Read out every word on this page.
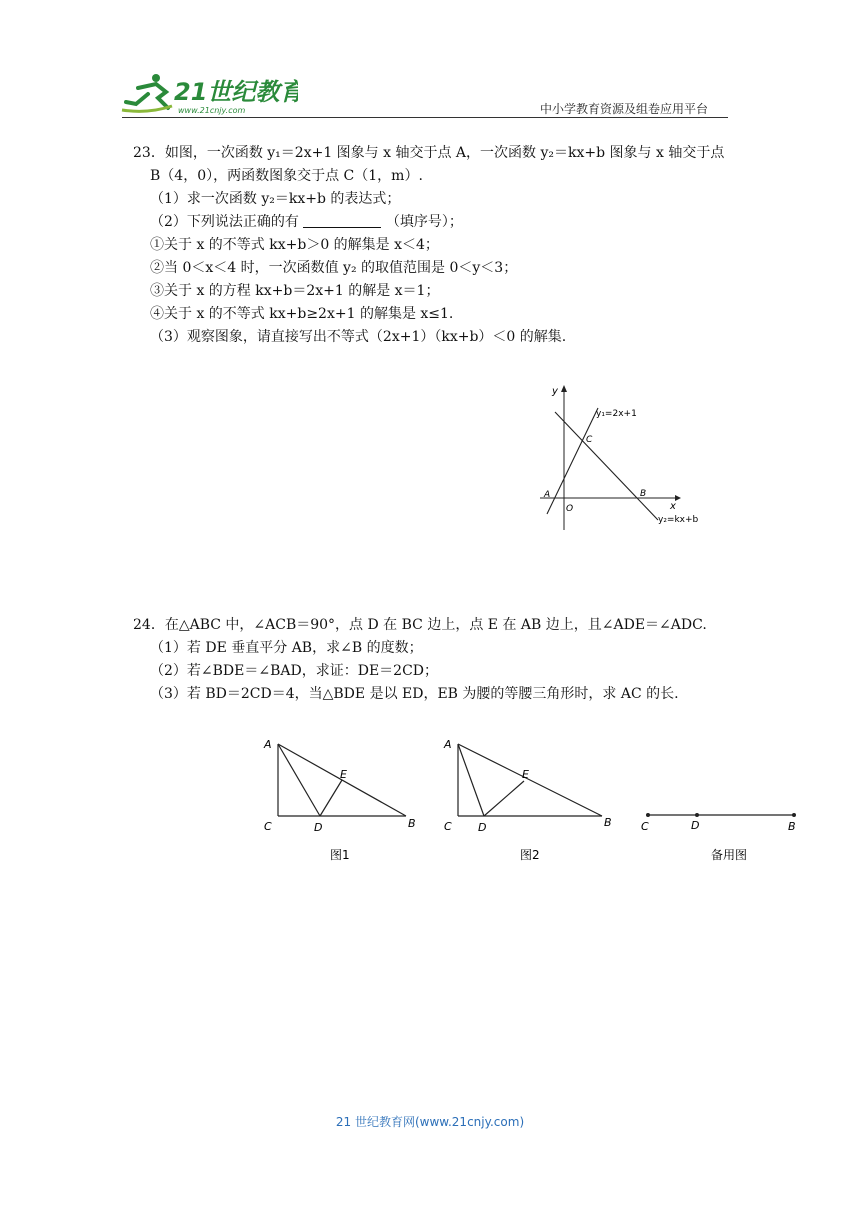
21世纪教育
www.21cnjy.com	中小学教育资源及组卷应用平台
23．如图，一次函数 y₁＝2x+1 图象与 x 轴交于点 A，一次函数 y₂＝kx+b 图象与 x 轴交于点
B（4，0），两函数图象交于点 C（1，m）.
（1）求一次函数 y₂＝kx+b 的表达式；
（2）下列说法正确的有	（填序号）；
①关于 x 的不等式 kx+b＞0 的解集是 x＜4；
②当 0＜x＜4 时，一次函数值 y₂ 的取值范围是 0＜y＜3；
③关于 x 的方程 kx+b＝2x+1 的解是 x＝1；
④关于 x 的不等式 kx+b≥2x+1 的解集是 x≤1.
（3）观察图象，请直接写出不等式（2x+1）（kx+b）＜0 的解集.
y
x
O
A	B
C
y₁=2x+1
y₂=kx+b
24．在△ABC 中，∠ACB＝90°，点 D 在 BC 边上，点 E 在 AB 边上，且∠ADE＝∠ADC.
（1）若 DE 垂直平分 AB，求∠B 的度数；
（2）若∠BDE＝∠BAD，求证：DE＝2CD；
（3）若 BD＝2CD＝4，当△BDE 是以 ED，EB 为腰的等腰三角形时，求 AC 的长.
A
C	D	B
E
图1
A
C D	B
E
图2
C	D	B
备用图
21 世纪教育网(www.21cnjy.com)
